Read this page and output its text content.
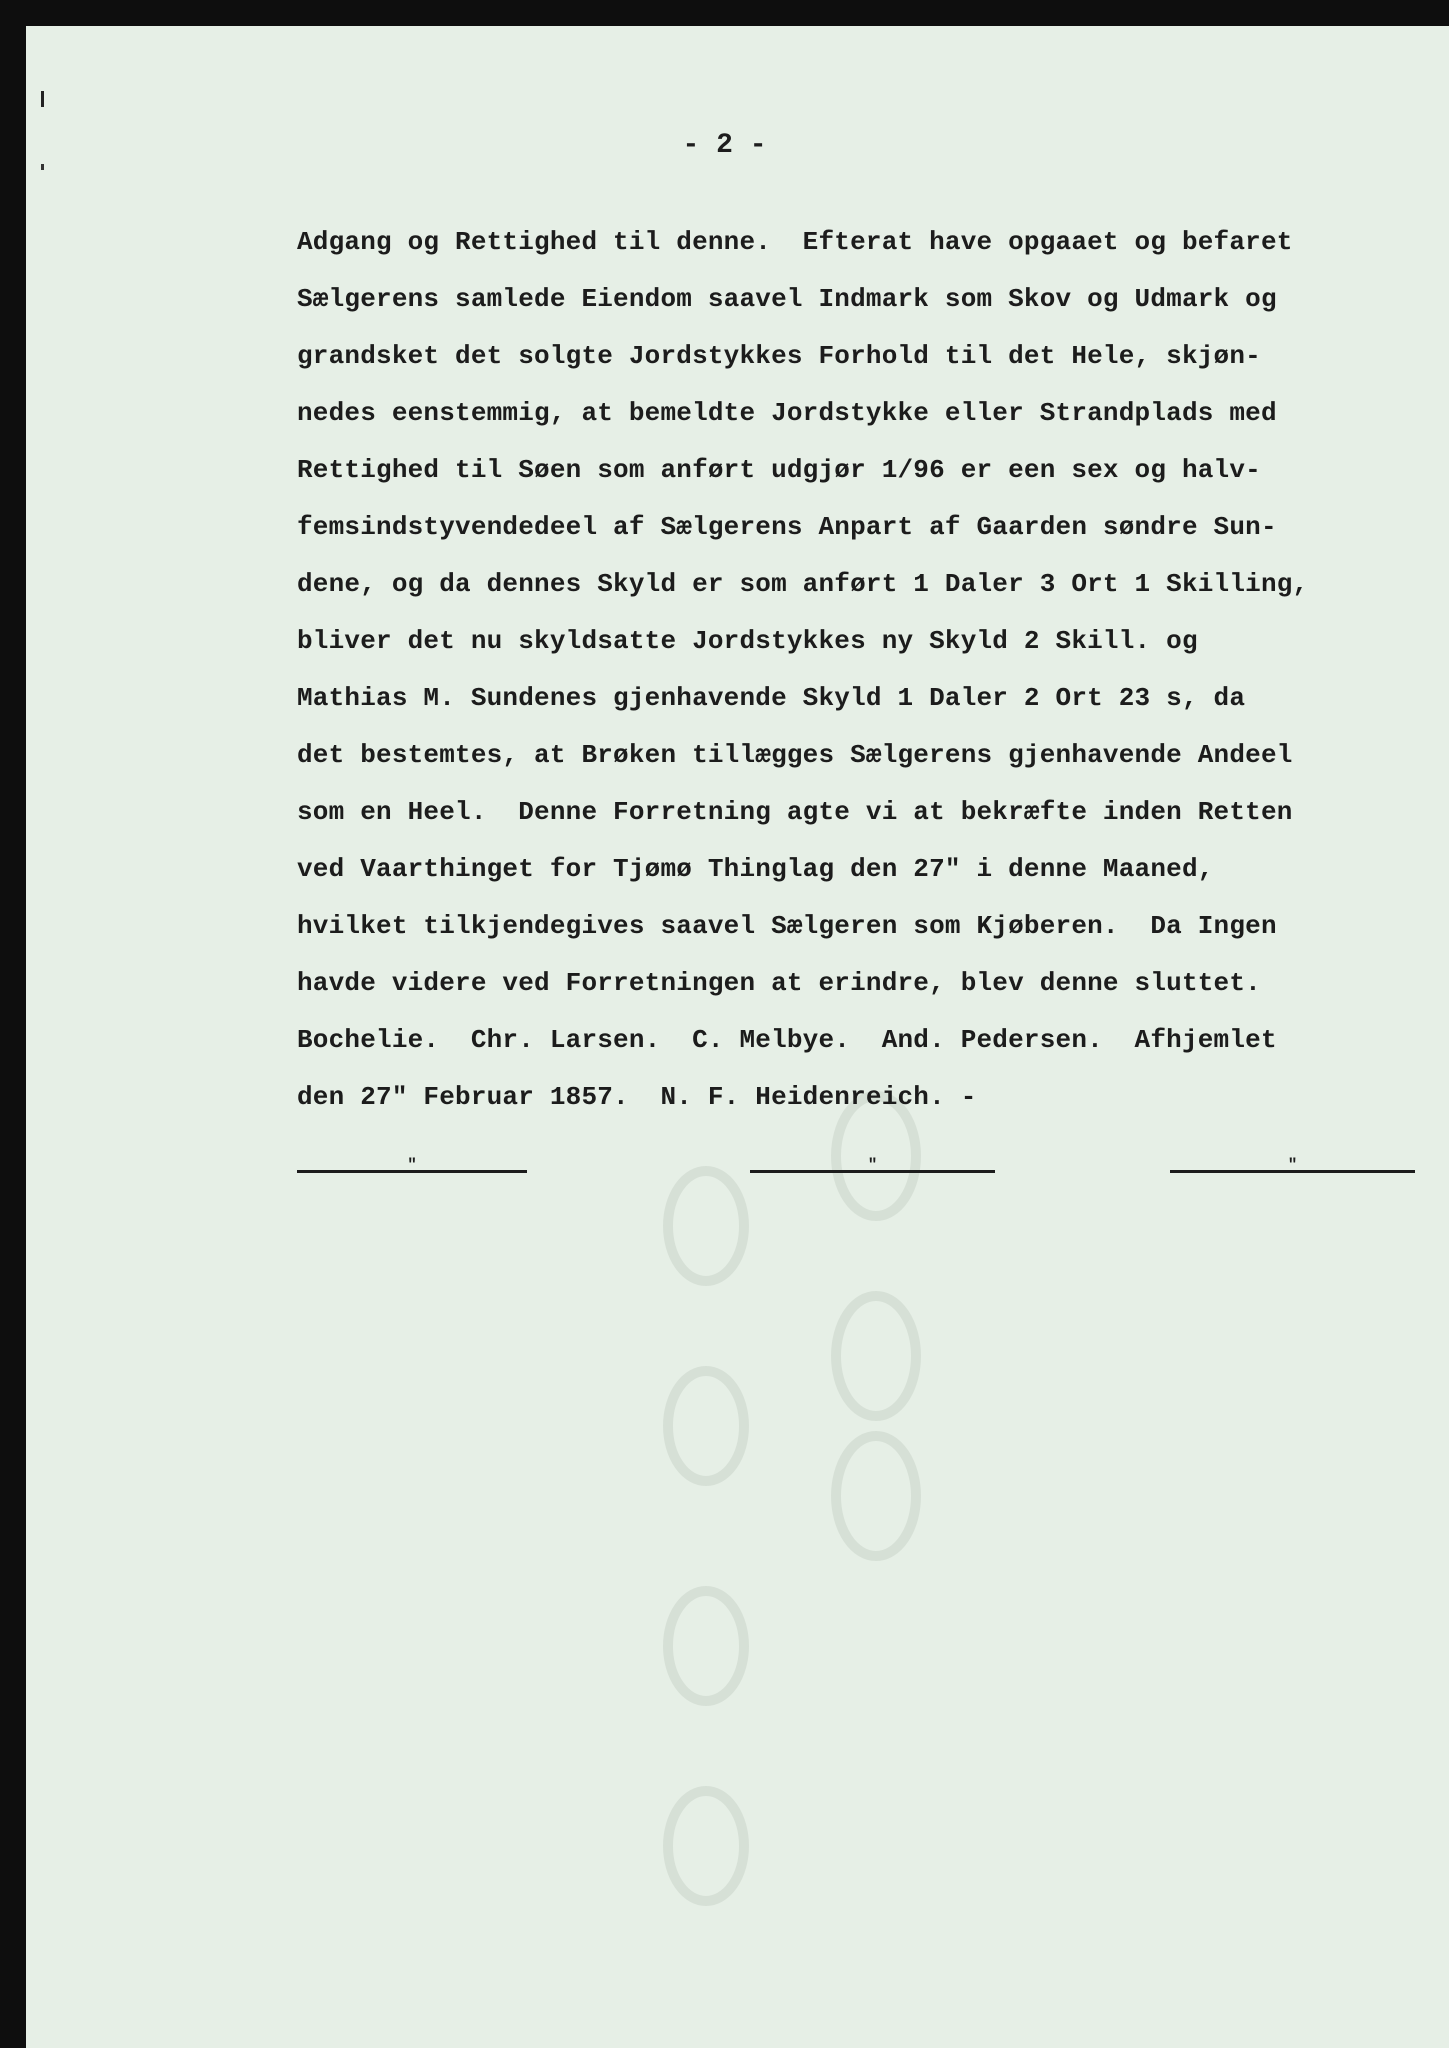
- 2 -
Adgang og Rettighed til denne.  Efterat have opgaaet og befaret
Sælgerens samlede Eiendom saavel Indmark som Skov og Udmark og
grandsket det solgte Jordstykkes Forhold til det Hele, skjøn-
nedes eenstemmig, at bemeldte Jordstykke eller Strandplads med
Rettighed til Søen som anført udgjør 1/96 er een sex og halv-
femsindstyvendedeel af Sælgerens Anpart af Gaarden søndre Sun-
dene, og da dennes Skyld er som anført 1 Daler 3 Ort 1 Skilling,
bliver det nu skyldsatte Jordstykkes ny Skyld 2 Skill. og
Mathias M. Sundenes gjenhavende Skyld 1 Daler 2 Ort 23 s, da
det bestemtes, at Brøken tillægges Sælgerens gjenhavende Andeel
som en Heel.  Denne Forretning agte vi at bekræfte inden Retten
ved Vaarthinget for Tjømø Thinglag den 27" i denne Maaned,
hvilket tilkjendegives saavel Sælgeren som Kjøberen.  Da Ingen
havde videre ved Forretningen at erindre, blev denne sluttet.
Bochelie.  Chr. Larsen.  C. Melbye.  And. Pedersen.  Afhjemlet
den 27" Februar 1857.  N. F. Heidenreich. -
"	"	"
